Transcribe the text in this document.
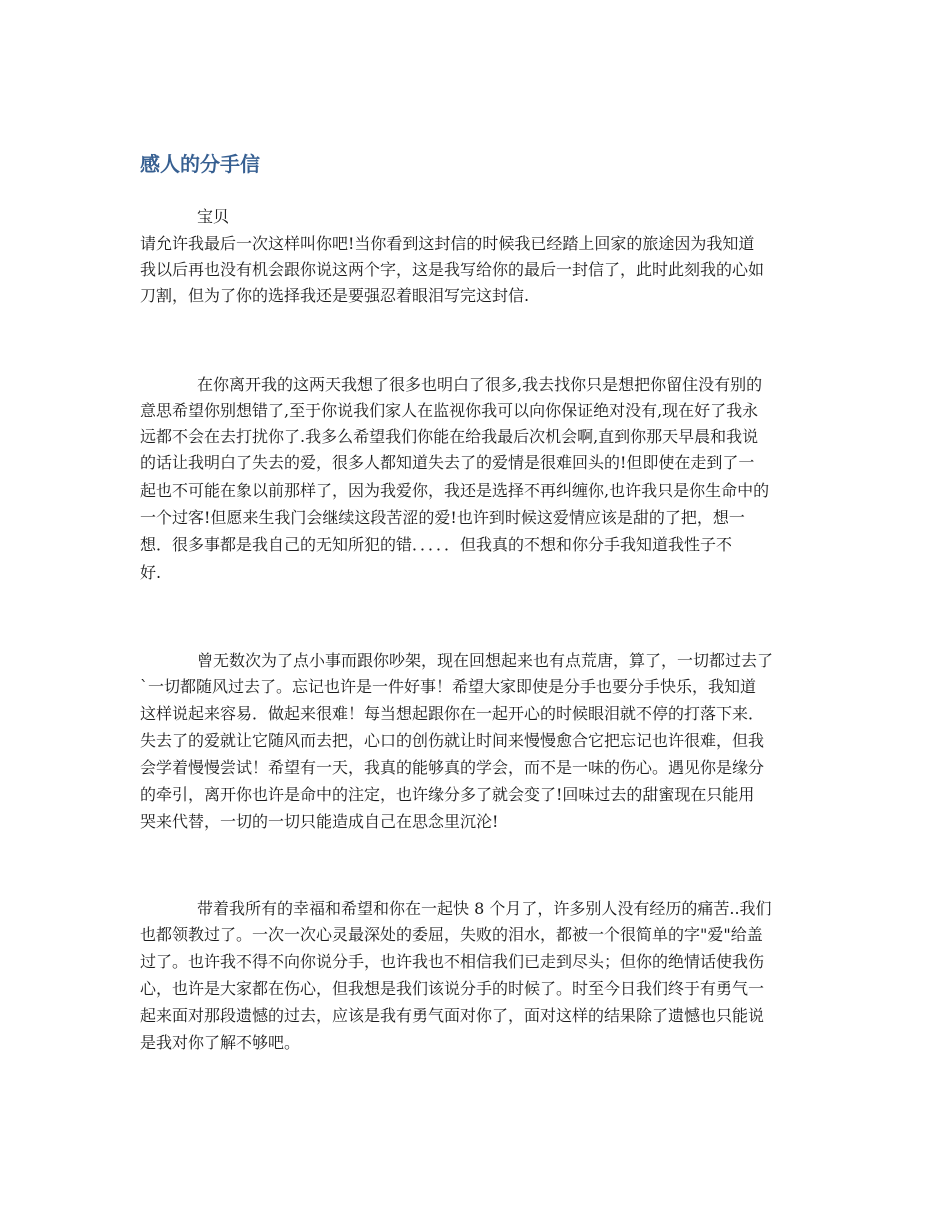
感人的分手信

宝贝

请允许我最后一次这样叫你吧!当你看到这封信的时候我已经踏上回家的旅途因为我知道

我以后再也没有机会跟你说这两个字，这是我写给你的最后一封信了，此时此刻我的心如

刀割，但为了你的选择我还是要强忍着眼泪写完这封信.

在你离开我的这两天我想了很多也明白了很多,我去找你只是想把你留住没有别的

意思希望你别想错了,至于你说我们家人在监视你我可以向你保证绝对没有,现在好了我永

远都不会在去打扰你了.我多么希望我们你能在给我最后次机会啊,直到你那天早晨和我说

的话让我明白了失去的爱，很多人都知道失去了的爱情是很难回头的!但即使在走到了一

起也不可能在象以前那样了，因为我爱你，我还是选择不再纠缠你,也许我只是你生命中的

一个过客!但愿来生我门会继续这段苦涩的爱!也许到时候这爱情应该是甜的了把，想一

想．很多事都是我自己的无知所犯的错．．．．．但我真的不想和你分手我知道我性子不

好.

曾无数次为了点小事而跟你吵架，现在回想起来也有点荒唐，算了，一切都过去了

`一切都随风过去了。忘记也许是一件好事！希望大家即使是分手也要分手快乐，我知道

这样说起来容易．做起来很难！每当想起跟你在一起开心的时候眼泪就不停的打落下来．

失去了的爱就让它随风而去把，心口的创伤就让时间来慢慢愈合它把忘记也许很难，但我

会学着慢慢尝试！希望有一天，我真的能够真的学会，而不是一味的伤心。遇见你是缘分

的牵引，离开你也许是命中的注定，也许缘分多了就会变了!回味过去的甜蜜现在只能用

哭来代替，一切的一切只能造成自己在思念里沉沦!

带着我所有的幸福和希望和你在一起快 8 个月了，许多别人没有经历的痛苦..我们

也都领教过了。一次一次心灵最深处的委屈，失败的泪水，都被一个很简单的字"爱"给盖

过了。也许我不得不向你说分手，也许我也不相信我们已走到尽头；但你的绝情话使我伤

心，也许是大家都在伤心，但我想是我们该说分手的时候了。时至今日我们终于有勇气一

起来面对那段遗憾的过去，应该是我有勇气面对你了，面对这样的结果除了遗憾也只能说

是我对你了解不够吧。
